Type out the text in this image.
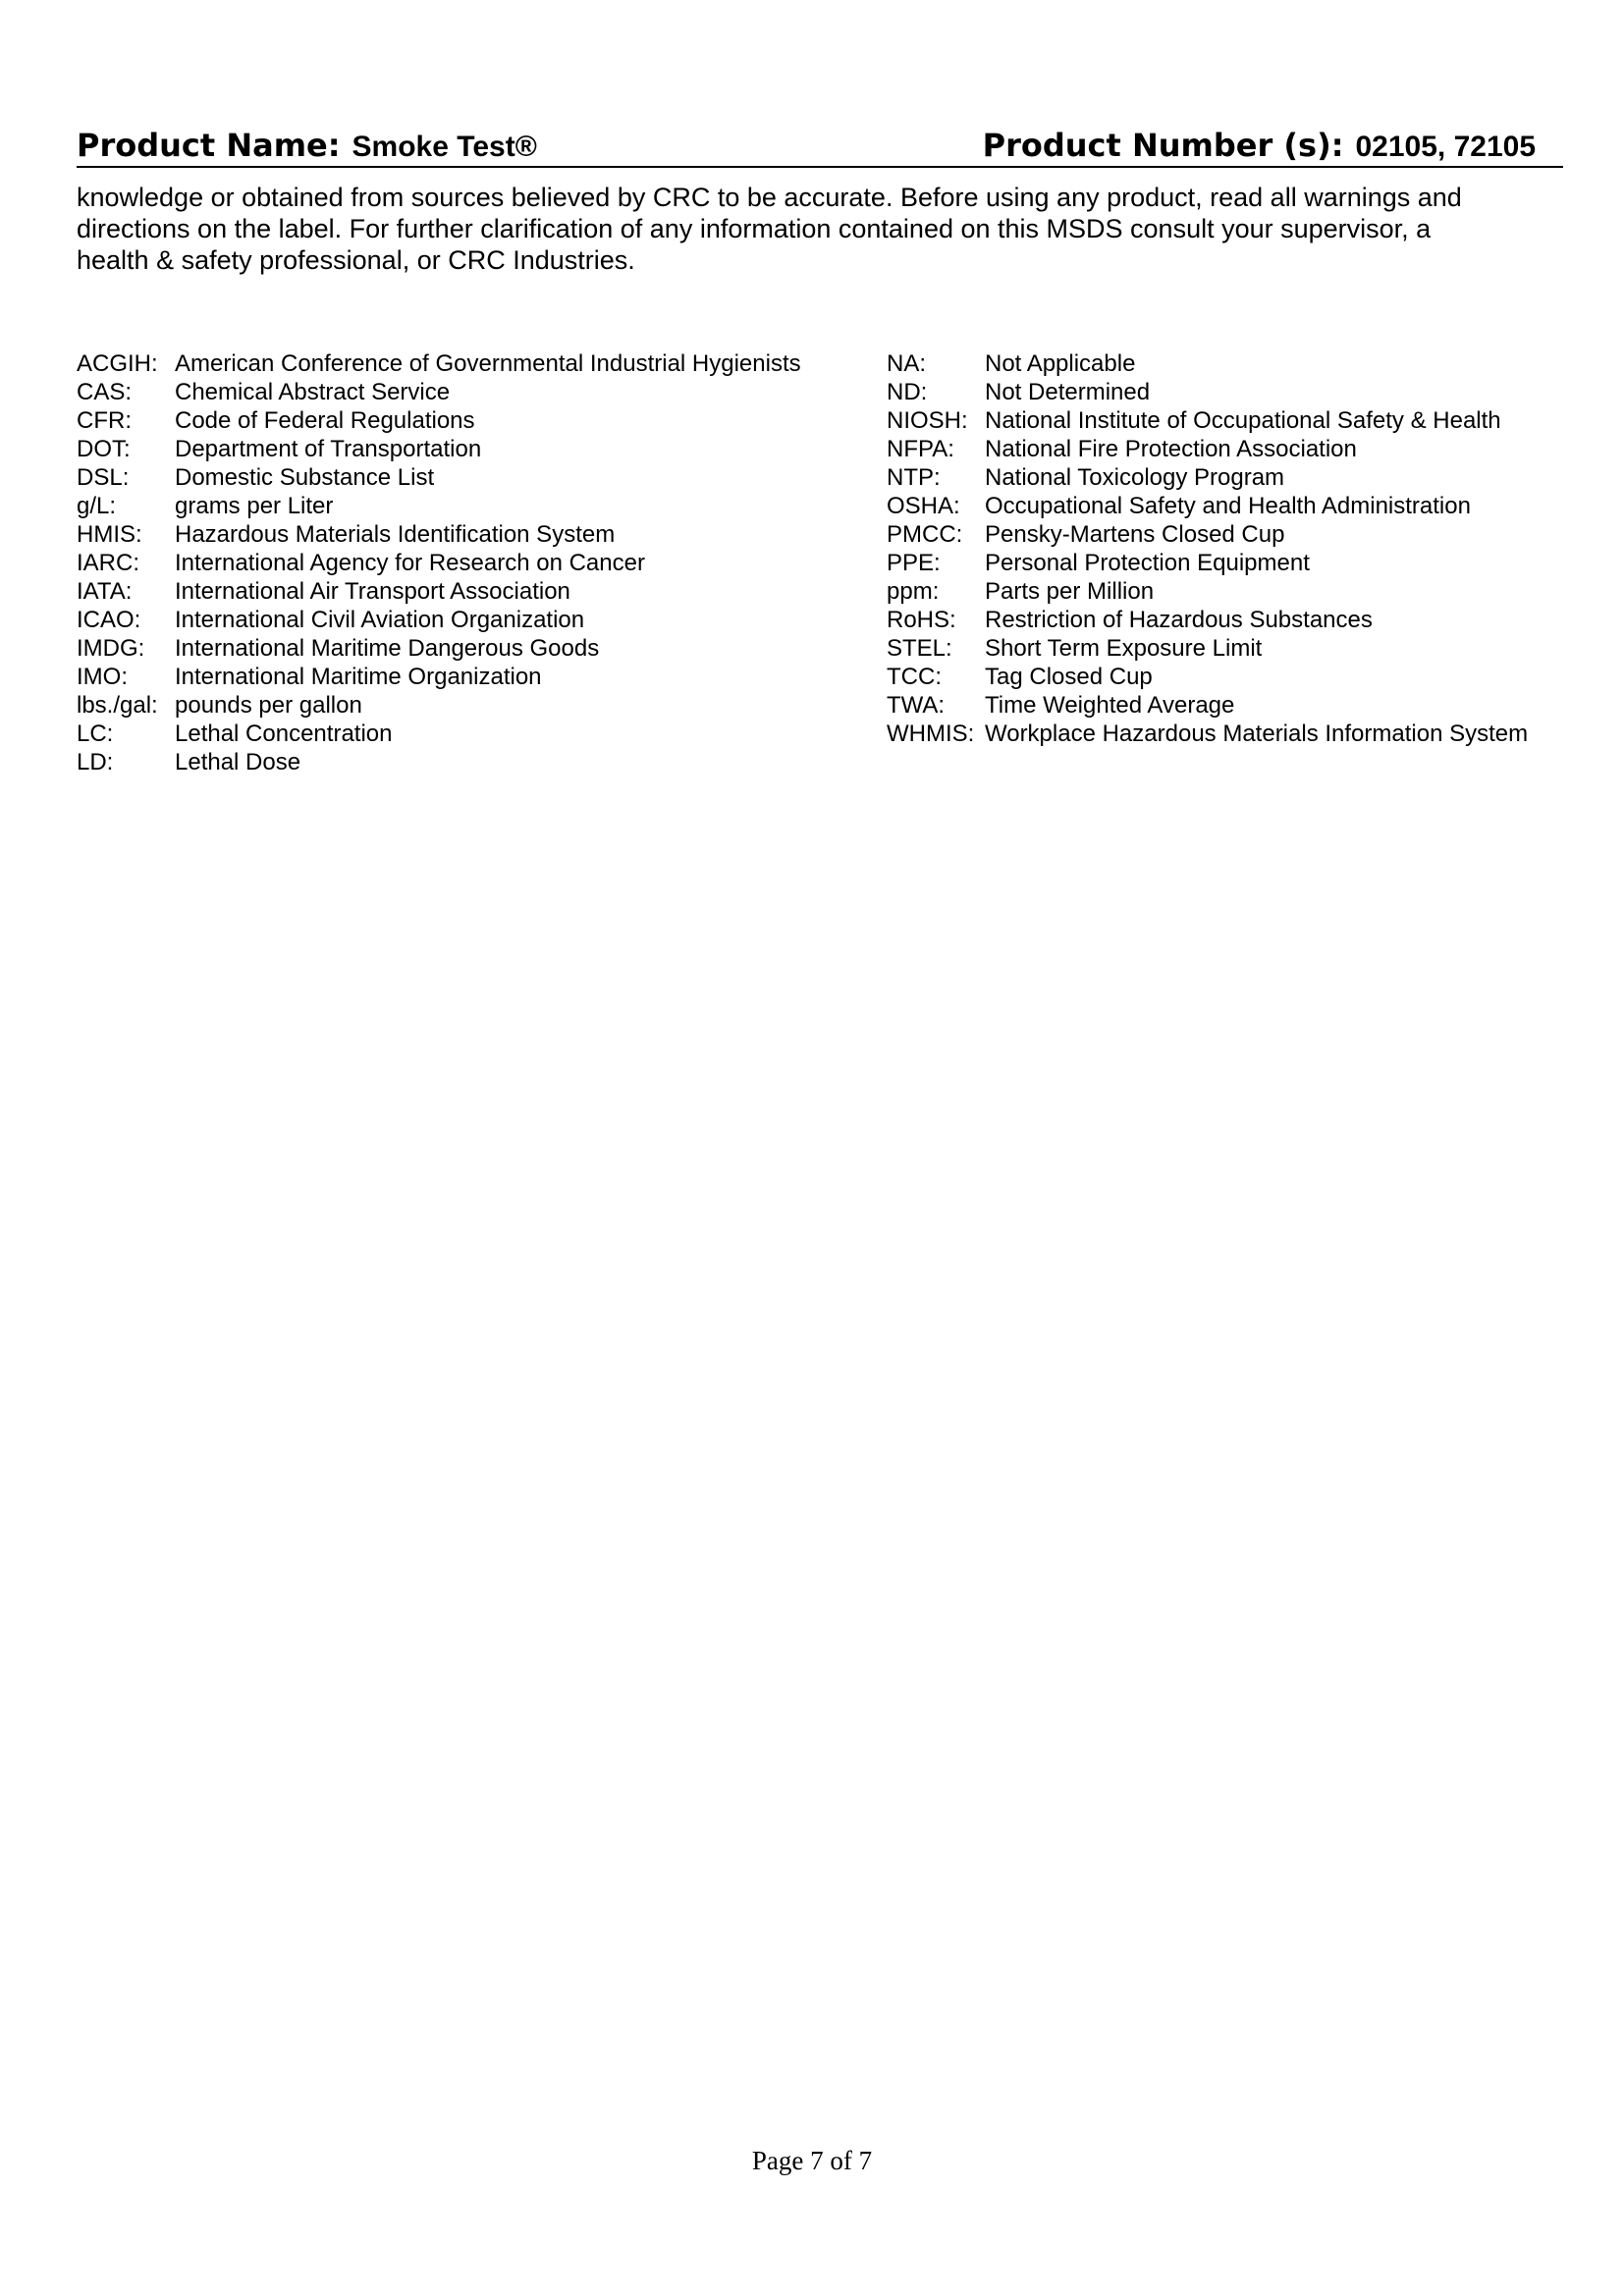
Product Name: Smoke Test®	Product Number (s): 02105, 72105

knowledge or obtained from sources believed by CRC to be accurate. Before using any product, read all warnings and

directions on the label. For further clarification of any information contained on this MSDS consult your supervisor, a

health & safety professional, or CRC Industries.

ACGIH: American Conference of Governmental Industrial Hygienists
CAS:	Chemical Abstract Service
CFR:	Code of Federal Regulations
DOT:	Department of Transportation
DSL:	Domestic Substance List
g/L:	grams per Liter
HMIS:	Hazardous Materials Identification System
IARC:	International Agency for Research on Cancer
IATA:	International Air Transport Association
ICAO:	International Civil Aviation Organization
IMDG:	International Maritime Dangerous Goods
IMO:	International Maritime Organization
lbs./gal: pounds per gallon
LC:	Lethal Concentration
LD:	Lethal Dose
NA:	Not Applicable
ND:	Not Determined
NIOSH: National Institute of Occupational Safety & Health
NFPA:	National Fire Protection Association
NTP:	National Toxicology Program
OSHA:	Occupational Safety and Health Administration
PMCC: Pensky-Martens Closed Cup
PPE:	Personal Protection Equipment
ppm:	Parts per Million
RoHS:	Restriction of Hazardous Substances
STEL:	Short Term Exposure Limit
TCC:	Tag Closed Cup
TWA:	Time Weighted Average
WHMIS: Workplace Hazardous Materials Information System
Page 7 of 7
